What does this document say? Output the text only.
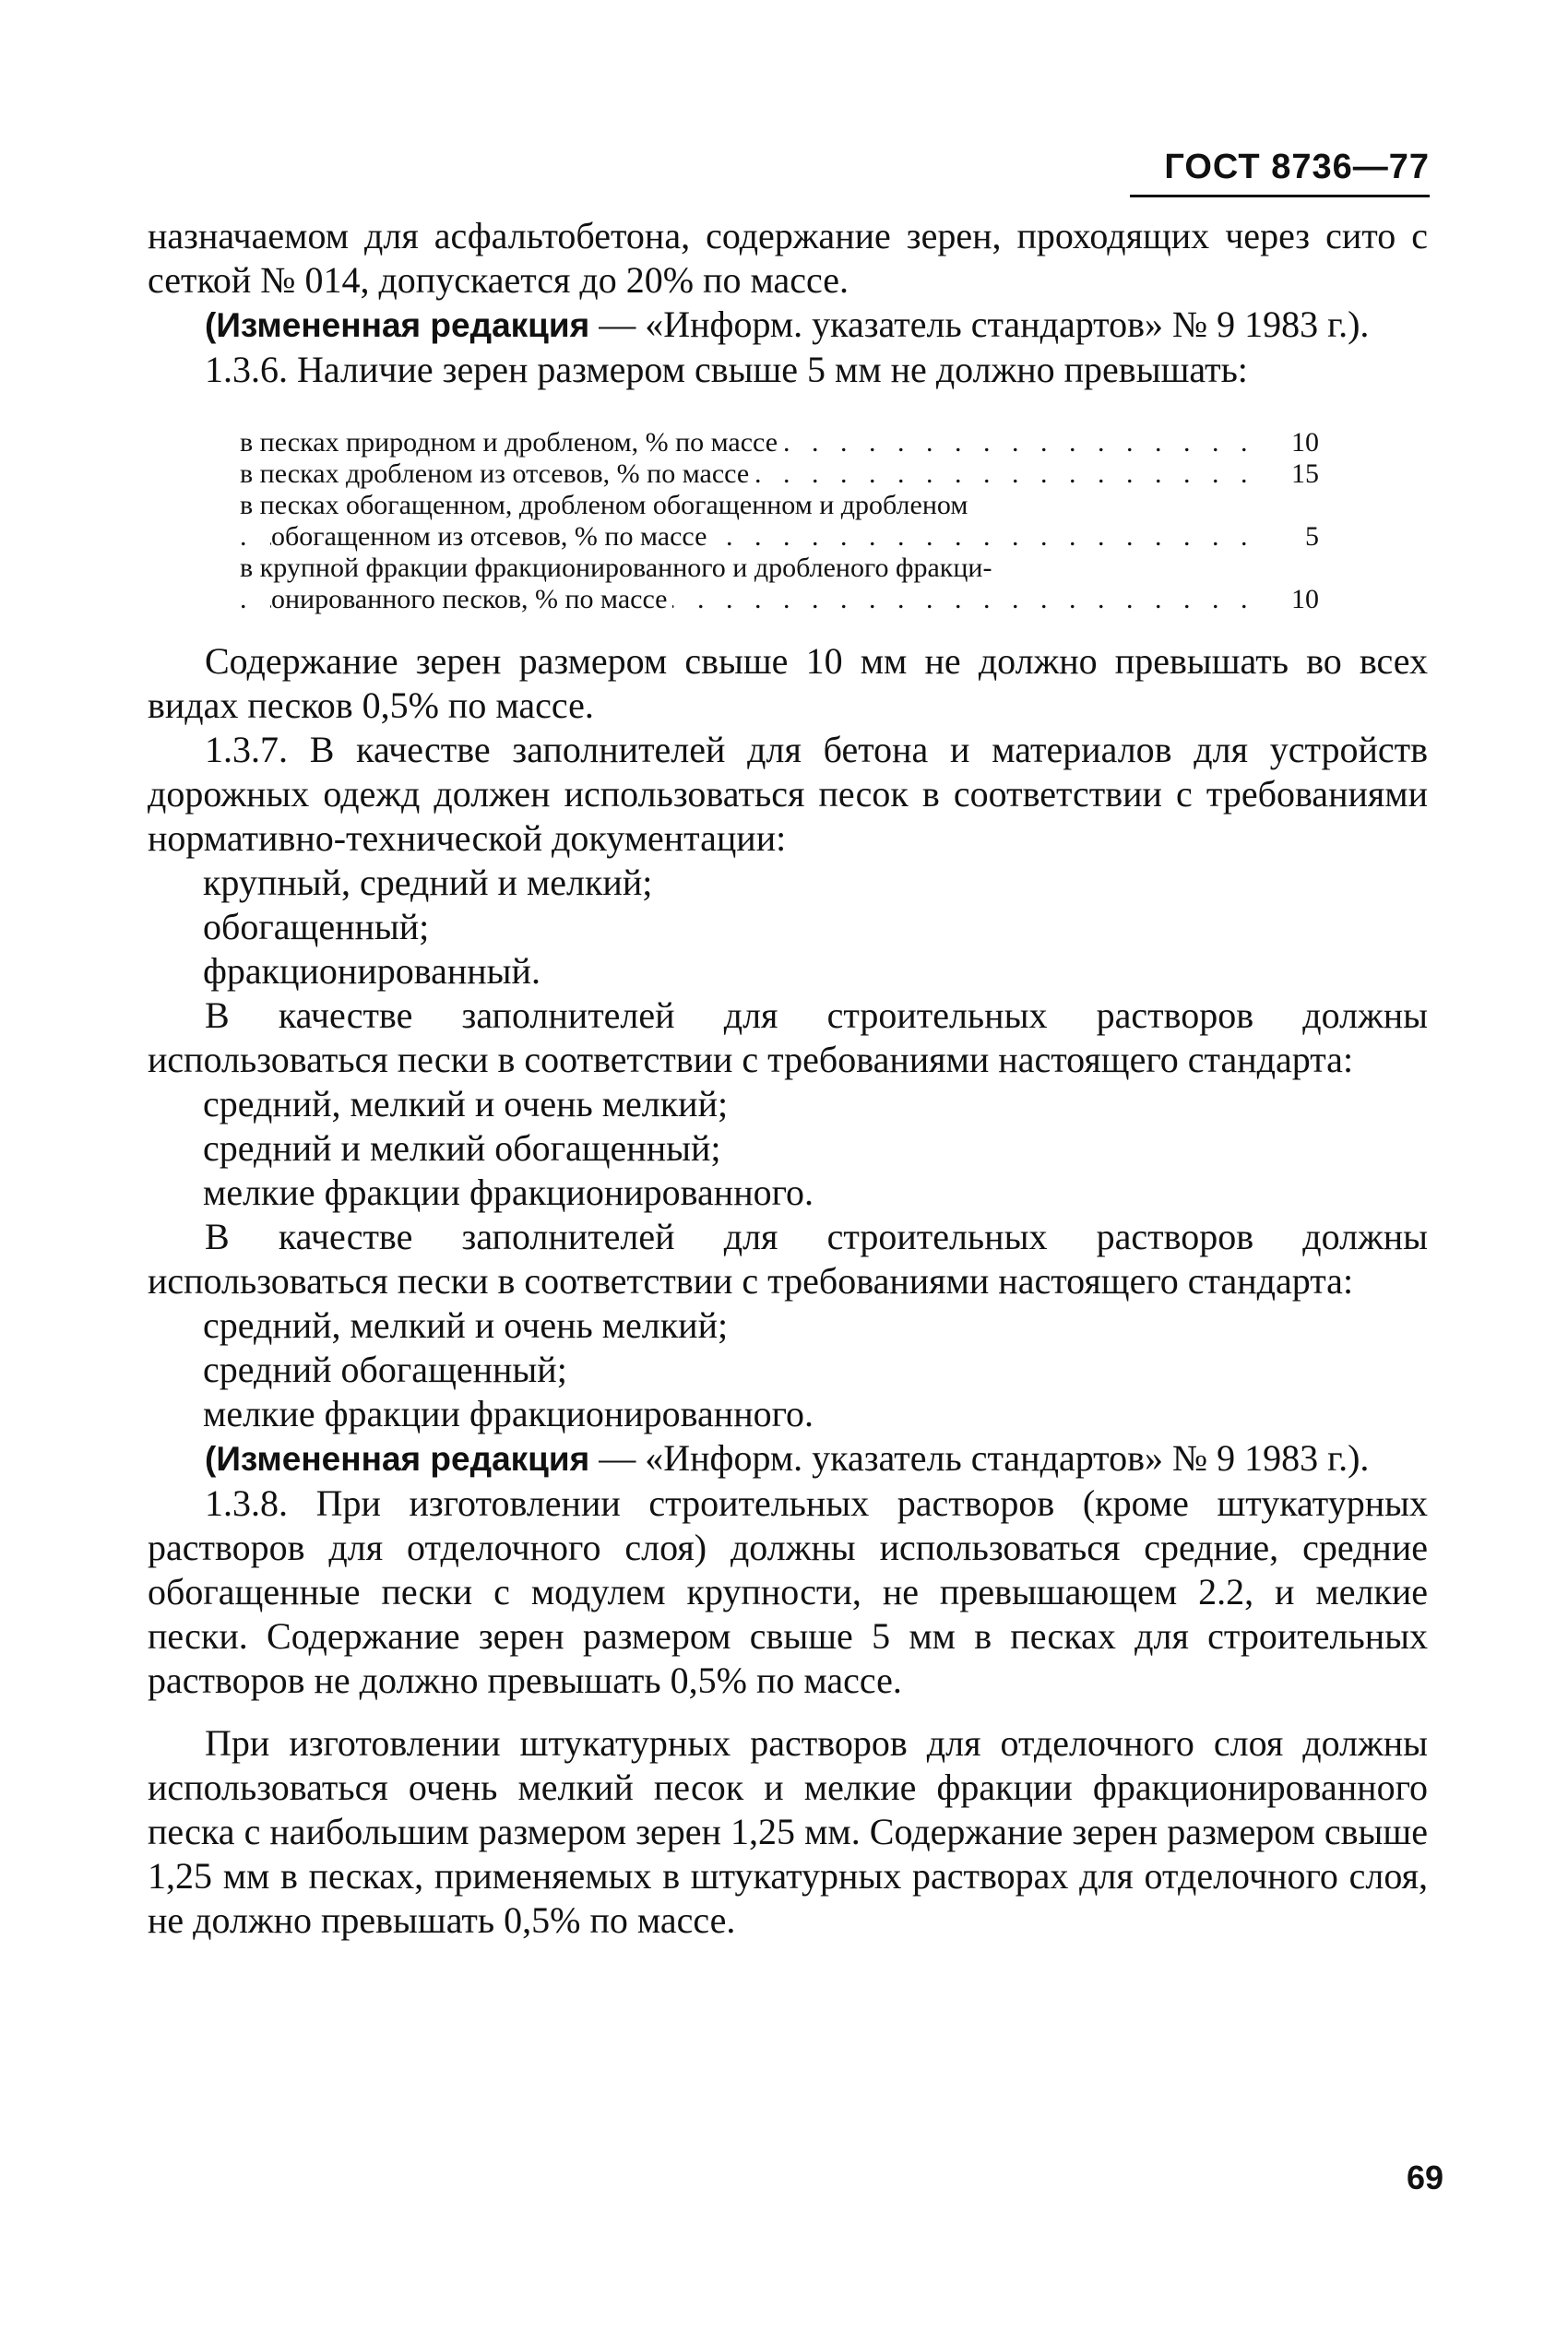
ГОСТ 8736—77

назначаемом для асфальтобетона, содержание зерен, проходящих через сито с сеткой № 014, допускается до 20% по массе.

(Измененная редакция — «Информ. указатель стандартов» № 9 1983 г.).

1.3.6. Наличие зерен размером свыше 5 мм не должно превышать:

в песках природном и дробленом, % по массе . . .	10
в песках дробленом из отсевов, % по массе . . .	15
в песках обогащенном, дробленом обогащенном и дробленом
обогащенном из отсевов, % по массе . . .	5
в крупной фракции фракционированного и дробленого фракци-
онированного песков, % по массе . . .	10

Содержание зерен размером свыше 10 мм не должно превышать во всех видах песков 0,5% по массе.

1.3.7. В качестве заполнителей для бетона и материалов для устройств дорожных одежд должен использоваться песок в соответствии с требованиями нормативно-технической документации:

крупный, средний и мелкий;

обогащенный;

фракционированный.

В качестве заполнителей для строительных растворов должны использоваться пески в соответствии с требованиями настоящего стандарта:

средний, мелкий и очень мелкий;

средний и мелкий обогащенный;

мелкие фракции фракционированного.

В качестве заполнителей для строительных растворов должны использоваться пески в соответствии с требованиями настоящего стандарта:

средний, мелкий и очень мелкий;

средний обогащенный;

мелкие фракции фракционированного.

(Измененная редакция — «Информ. указатель стандартов» № 9 1983 г.).

1.3.8. При изготовлении строительных растворов (кроме штукатурных растворов для отделочного слоя) должны использоваться средние, средние обогащенные пески с модулем крупности, не превышающем 2.2, и мелкие пески. Содержание зерен размером свыше 5 мм в песках для строительных растворов не должно превышать 0,5% по массе.

При изготовлении штукатурных растворов для отделочного слоя должны использоваться очень мелкий песок и мелкие фракции фракционированного песка с наибольшим размером зерен 1,25 мм. Содержание зерен размером свыше 1,25 мм в песках, применяемых в штукатурных растворах для отделочного слоя, не должно превышать 0,5% по массе.

69
